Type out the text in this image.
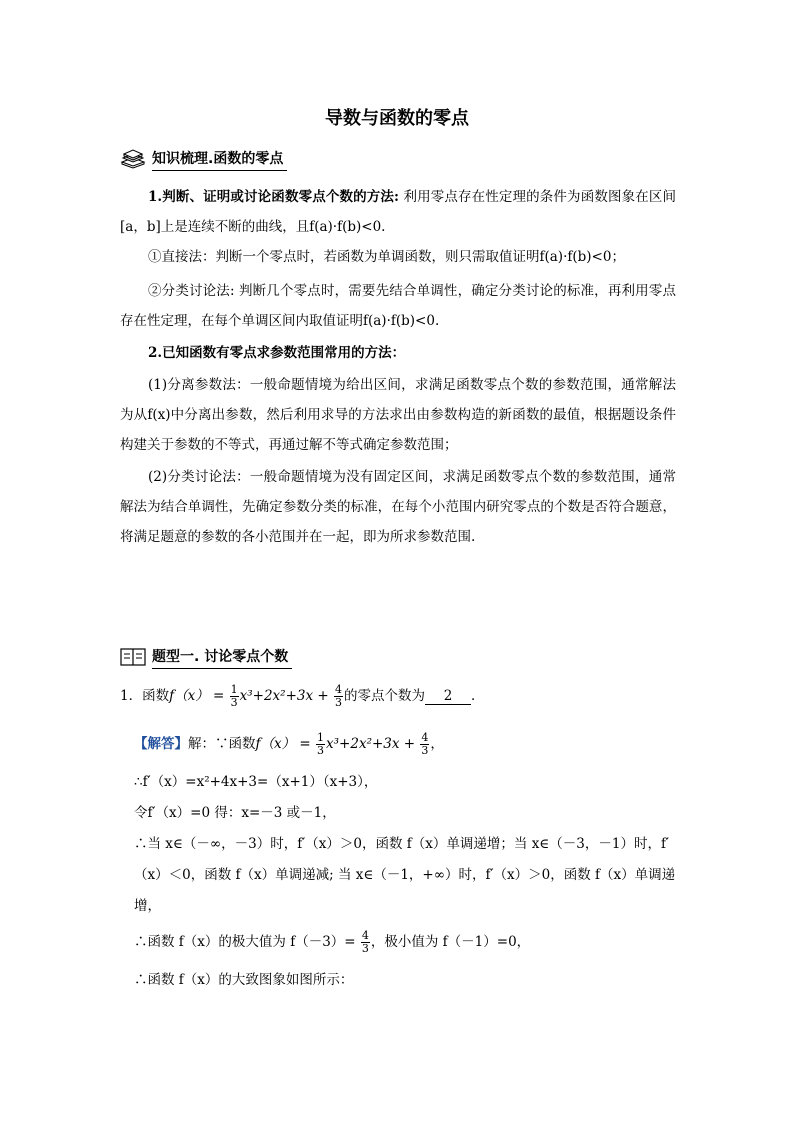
导数与函数的零点
知识梳理.函数的零点
1.判断、证明或讨论函数零点个数的方法: 利用零点存在性定理的条件为函数图象在区间[a，b]上是连续不断的曲线，且f(a)·f(b)<0.
①直接法：判断一个零点时，若函数为单调函数，则只需取值证明f(a)·f(b)<0；
②分类讨论法: 判断几个零点时，需要先结合单调性，确定分类讨论的标准，再利用零点存在性定理，在每个单调区间内取值证明f(a)·f(b)<0.
2.已知函数有零点求参数范围常用的方法：
(1)分离参数法：一般命题情境为给出区间，求满足函数零点个数的参数范围，通常解法为从f(x)中分离出参数，然后利用求导的方法求出由参数构造的新函数的最值，根据题设条件构建关于参数的不等式，再通过解不等式确定参数范围；
(2)分类讨论法：一般命题情境为没有固定区间，求满足函数零点个数的参数范围，通常解法为结合单调性，先确定参数分类的标准，在每个小范围内研究零点的个数是否符合题意，将满足题意的参数的各小范围并在一起，即为所求参数范围.
题型一. 讨论零点个数
1．函数$f(x) = \frac{1}{3} x^3+2x^2+3x + \frac{4}{3}$ 的零点个数为 2 ．
【解答】解：∵函数$f(x) = \frac{1}{3} x^3+2x^2+3x + \frac{4}{3}$ ，
∴f′（x）=x²+4x+3=（x+1）（x+3），
令f′（x）=0 得：x=－3 或－1，
∴当 x∈（－∞，－3）时，f′（x）＞0，函数 f（x）单调递增；当 x∈（－3，－1）时，f′
（x）＜0，函数 f（x）单调递减; 当 x∈（－1，+∞）时，f′（x）＞0，函数 f（x）单调递
增，
∴函数 f（x）的极大值为 $f(-3)= \frac{4}{3}$ ，极小值为 f（－1）=0，
∴函数 f（x）的大致图象如图所示：
